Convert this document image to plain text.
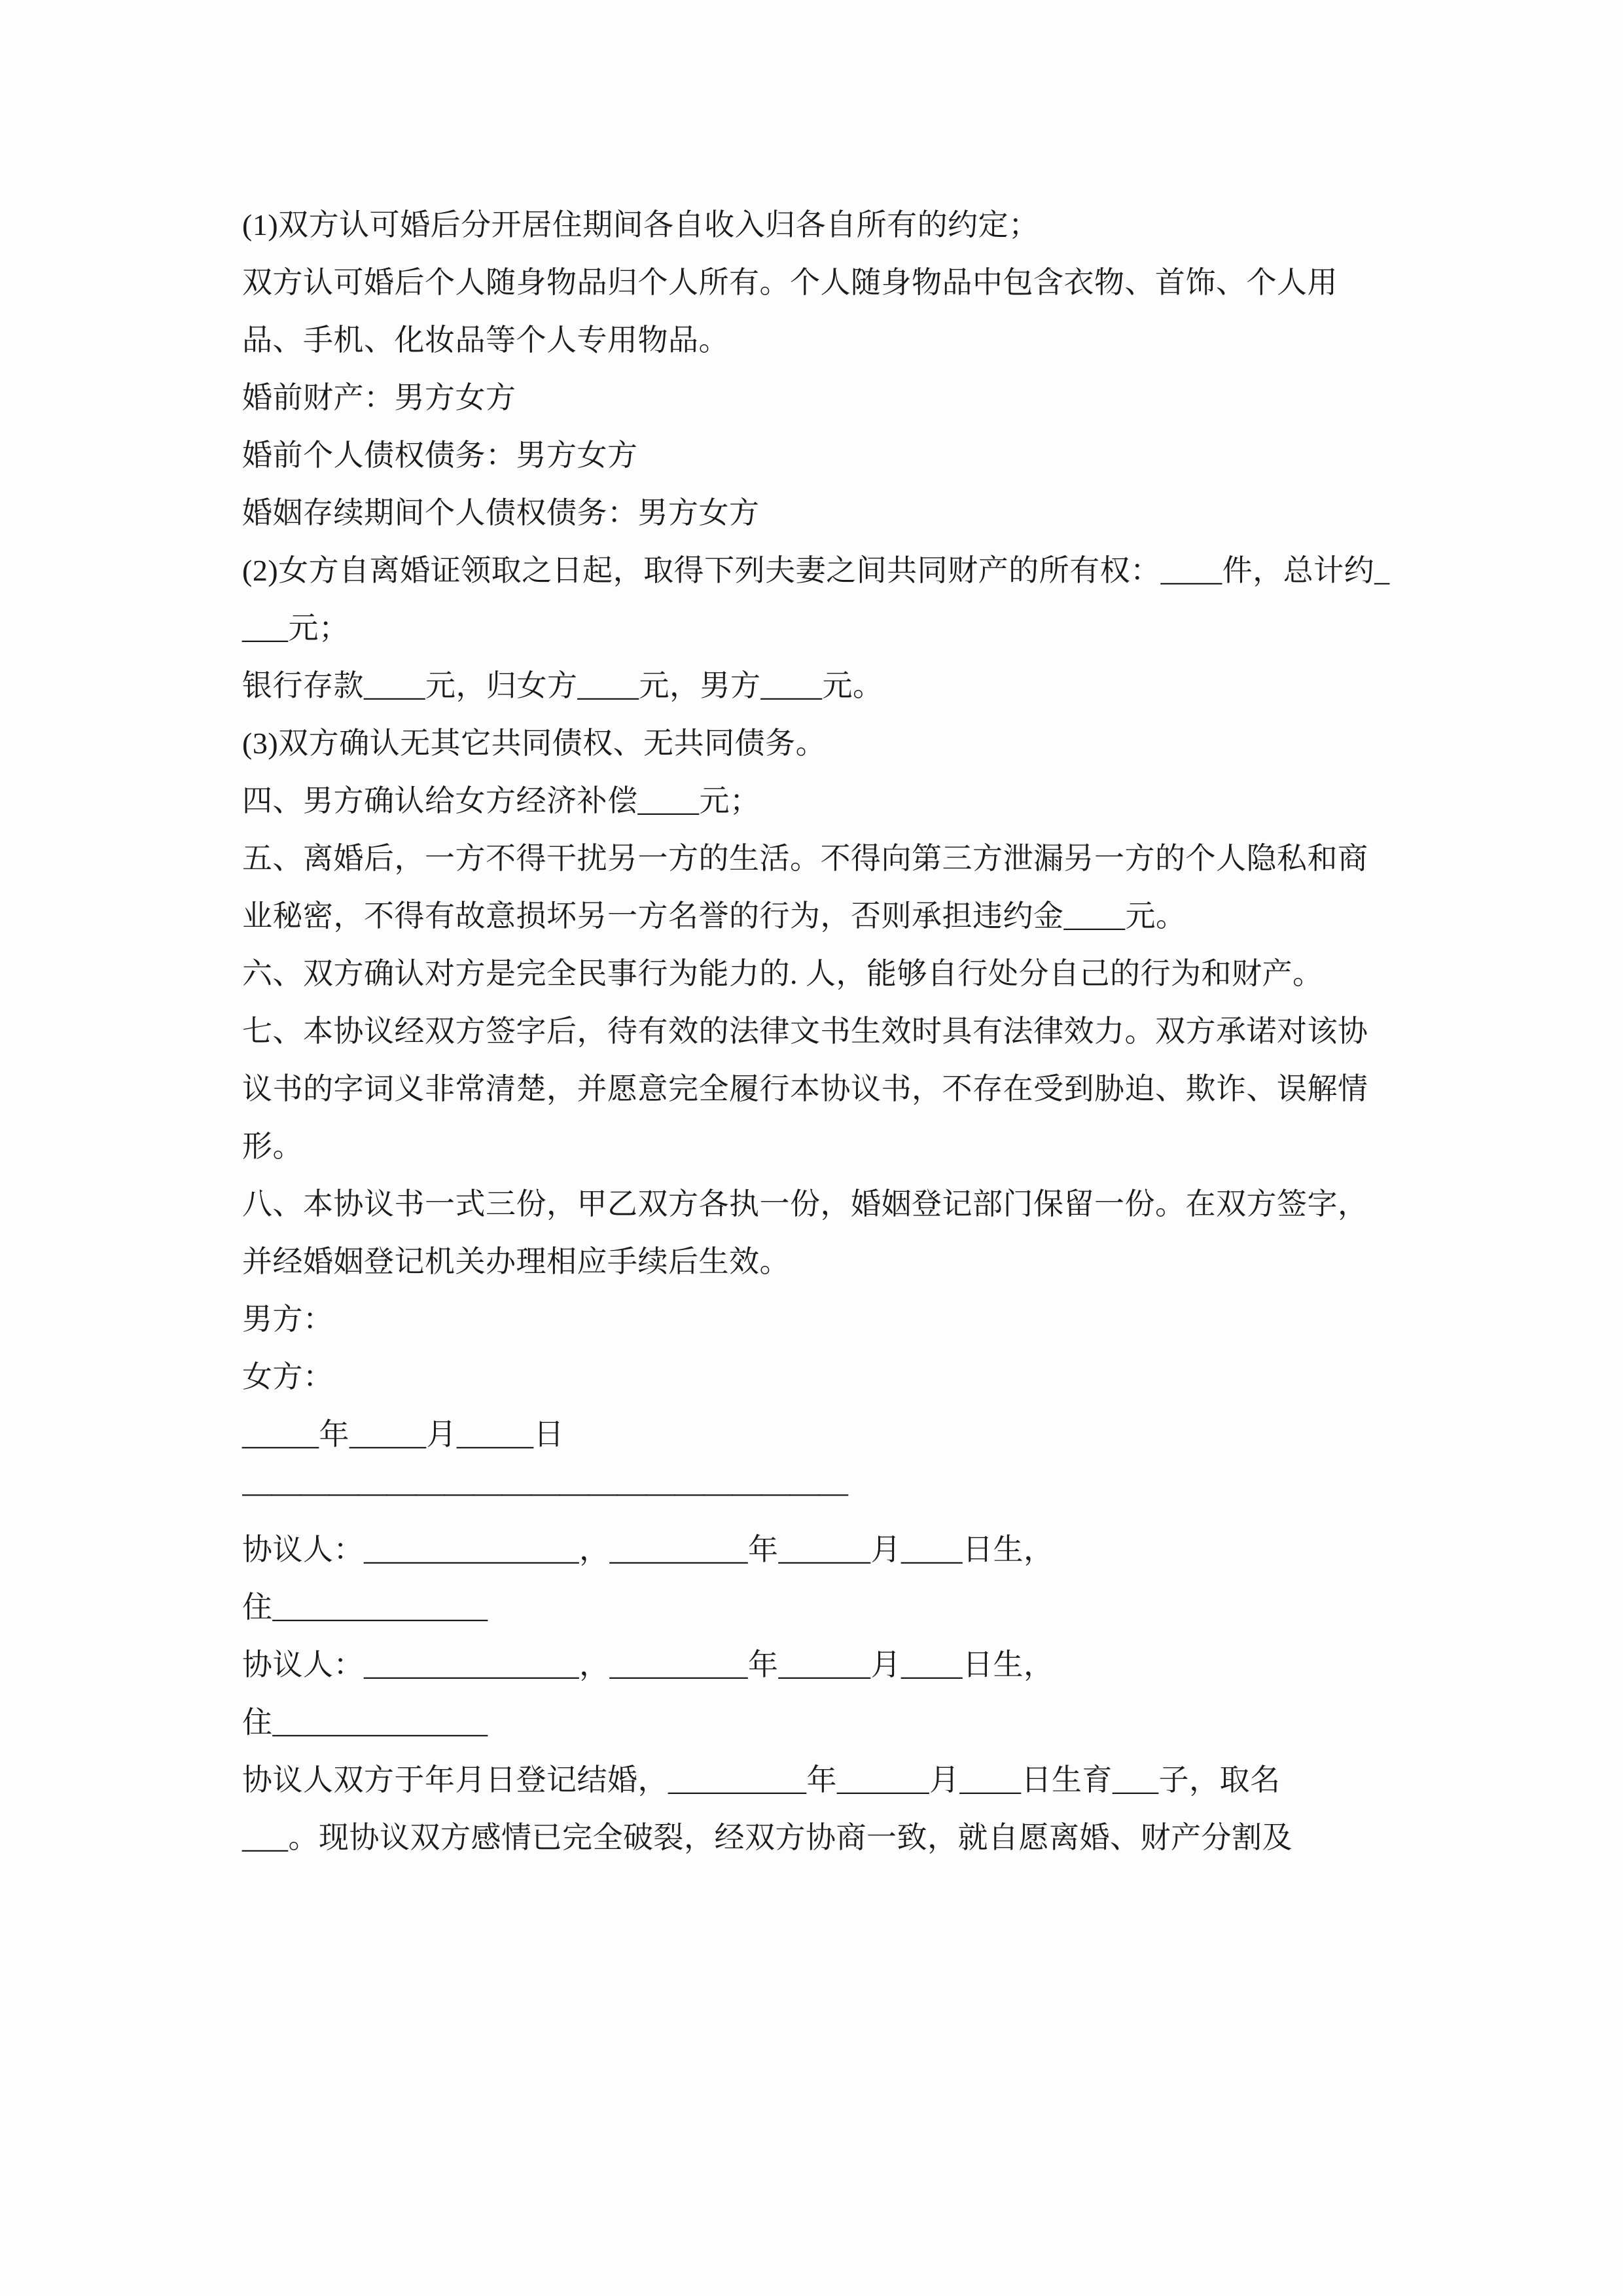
(1)双方认可婚后分开居住期间各自收入归各自所有的约定；

双方认可婚后个人随身物品归个人所有。个人随身物品中包含衣物、首饰、个人用品、手机、化妆品等个人专用物品。

婚前财产：男方女方

婚前个人债权债务：男方女方

婚姻存续期间个人债权债务：男方女方

(2)女方自离婚证领取之日起，取得下列夫妻之间共同财产的所有权：____件，总计约____元；

银行存款____元，归女方____元，男方____元。

(3)双方确认无其它共同债权、无共同债务。

四、男方确认给女方经济补偿____元；

五、离婚后，一方不得干扰另一方的生活。不得向第三方泄漏另一方的个人隐私和商业秘密，不得有故意损坏另一方名誉的行为，否则承担违约金____元。

六、双方确认对方是完全民事行为能力的. 人，能够自行处分自己的行为和财产。

七、本协议经双方签字后，待有效的法律文书生效时具有法律效力。双方承诺对该协议书的字词义非常清楚，并愿意完全履行本协议书，不存在受到胁迫、欺诈、误解情形。

八、本协议书一式三份，甲乙双方各执一份，婚姻登记部门保留一份。在双方签字，并经婚姻登记机关办理相应手续后生效。

男方：

女方：

_____年_____月_____日

—————————————————————

协议人：______________，_________年______月____日生，

住______________

协议人：______________，_________年______月____日生，

住______________

协议人双方于年月日登记结婚，_________年______月____日生育___子，取名

___。现协议双方感情已完全破裂，经双方协商一致，就自愿离婚、财产分割及
